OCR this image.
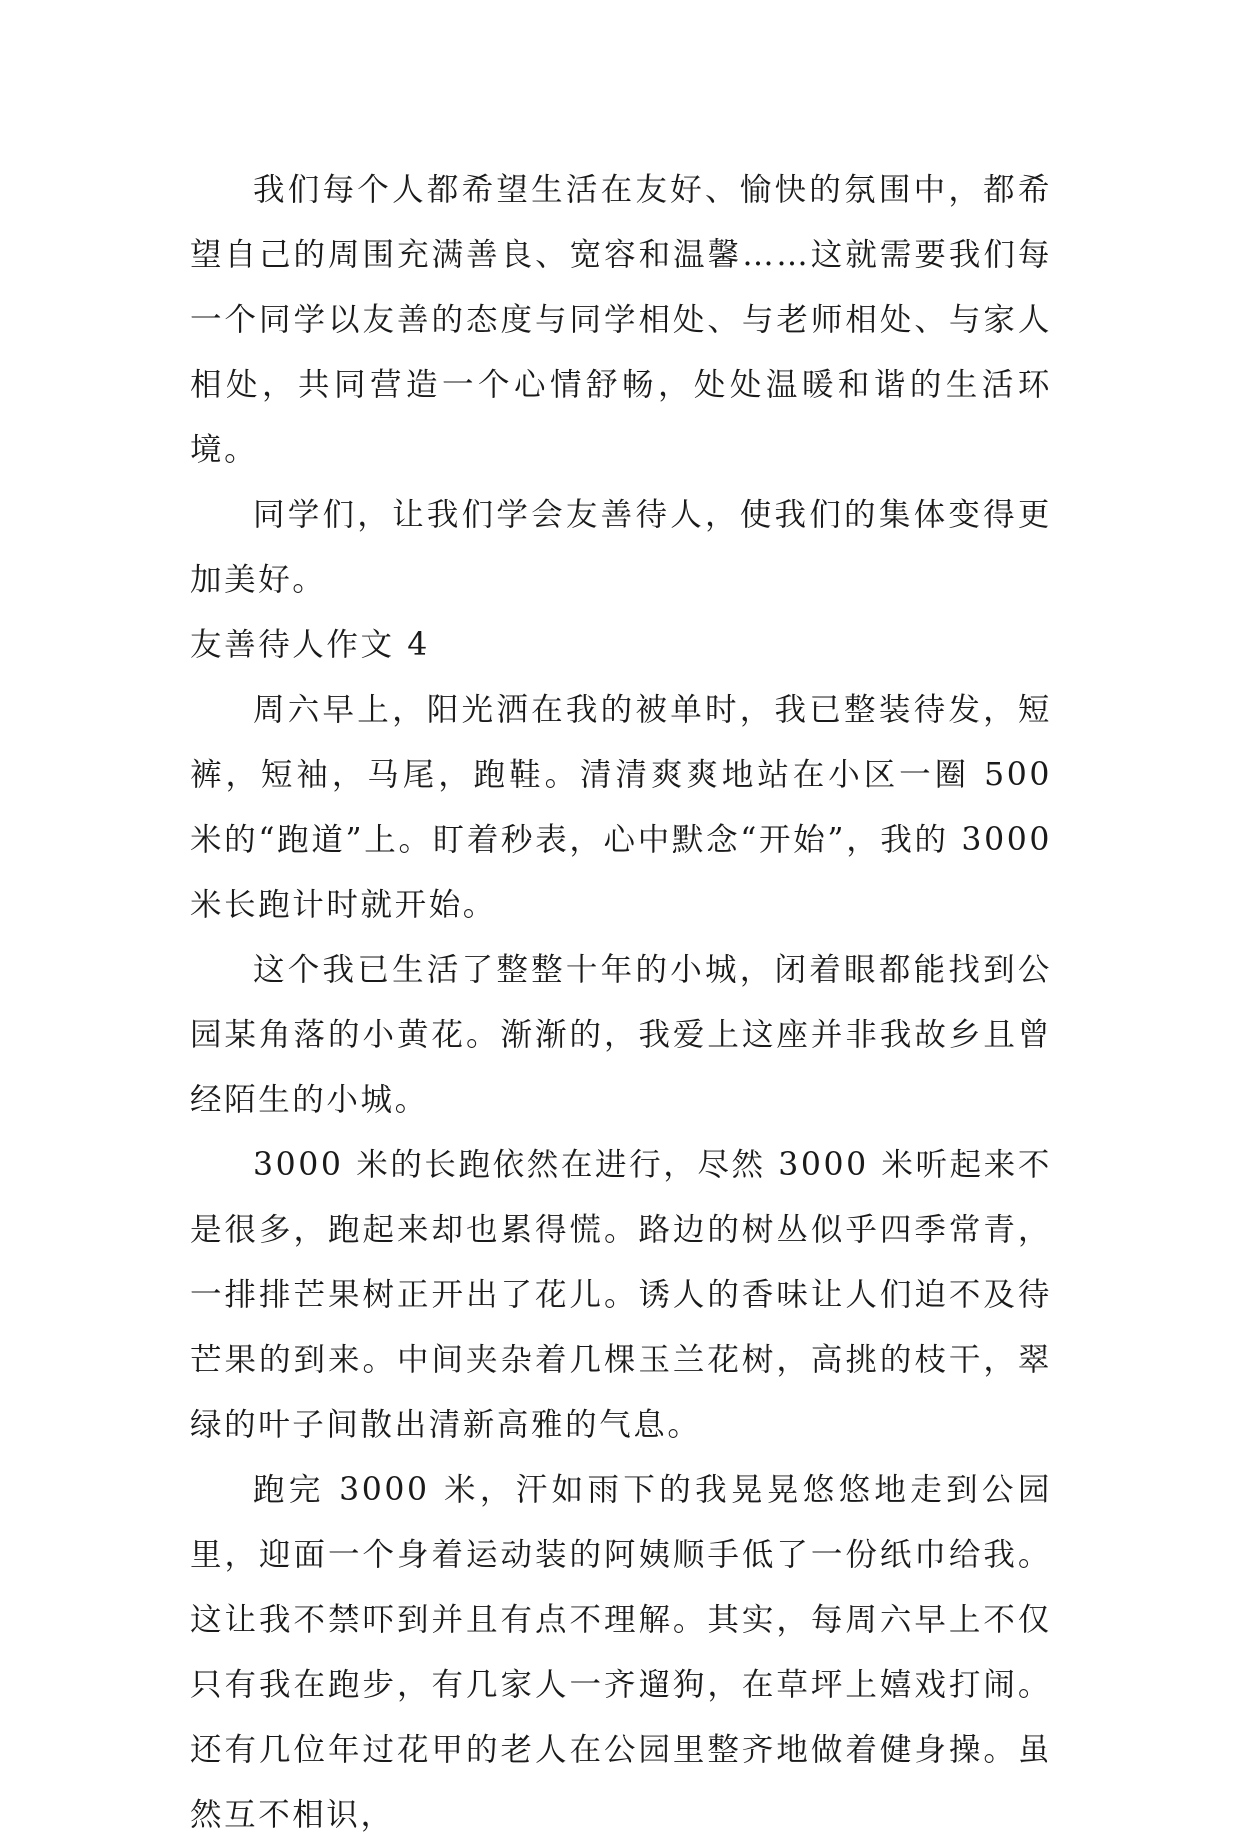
我们每个人都希望生活在友好、愉快的氛围中，都希望自己的周围充满善良、宽容和温馨……这就需要我们每一个同学以友善的态度与同学相处、与老师相处、与家人相处，共同营造一个心情舒畅，处处温暖和谐的生活环境。

同学们，让我们学会友善待人，使我们的集体变得更加美好。

友善待人作文 4

周六早上，阳光洒在我的被单时，我已整装待发，短裤，短袖，马尾，跑鞋。清清爽爽地站在小区一圈 500 米的“跑道”上。盯着秒表，心中默念“开始”，我的 3000 米长跑计时就开始。

这个我已生活了整整十年的小城，闭着眼都能找到公园某角落的小黄花。渐渐的，我爱上这座并非我故乡且曾经陌生的小城。

3000 米的长跑依然在进行，尽然 3000 米听起来不是很多，跑起来却也累得慌。路边的树丛似乎四季常青，一排排芒果树正开出了花儿。诱人的香味让人们迫不及待芒果的到来。中间夹杂着几棵玉兰花树，高挑的枝干，翠绿的叶子间散出清新高雅的气息。

跑完 3000 米，汗如雨下的我晃晃悠悠地走到公园里，迎面一个身着运动装的阿姨顺手低了一份纸巾给我。这让我不禁吓到并且有点不理解。其实，每周六早上不仅只有我在跑步，有几家人一齐遛狗，在草坪上嬉戏打闹。还有几位年过花甲的老人在公园里整齐地做着健身操。虽然互不相识，
